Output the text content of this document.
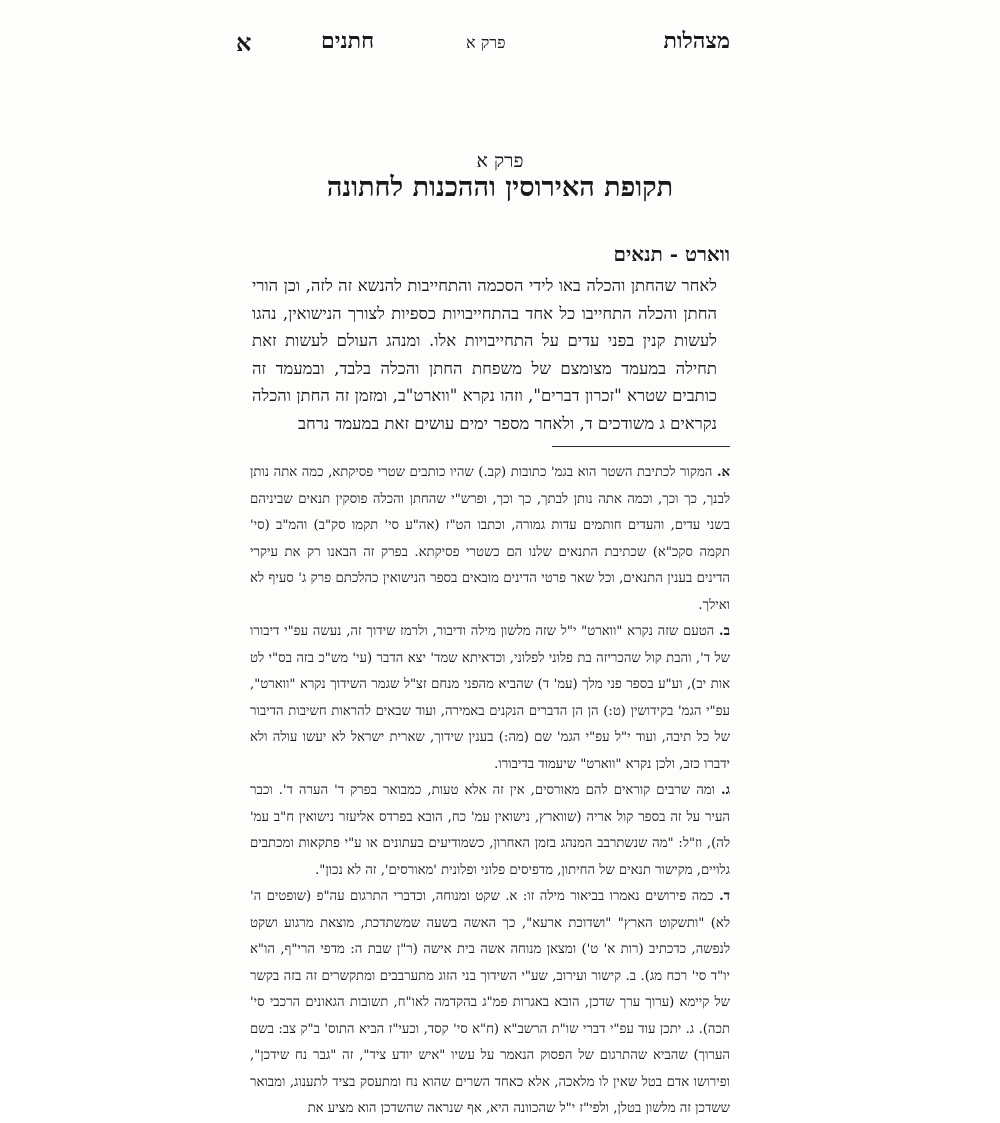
מצהלות
פרק א
חתנים
א
פרק א
תקופת האירוסין וההכנות לחתונה
ווארט - תנאים
לאחר שהחתן והכלה באו לידי הסכמה והתחייבות להנשא זה לזה, וכן הורי החתן והכלה התחייבו כל אחד בהתחייבויות כספיות לצורך הנישואין, נהגו לעשות קנין בפני עדים על התחייבויות אלו. ומנהג העולם לעשות זאת תחילה במעמד מצומצם של משפחת החתן והכלה בלבד, ובמעמד זה כותבים שטרא "זכרון דברים", וזהו נקרא "ווארט"ב, ומזמן זה החתן והכלה נקראים ג משודכים ד, ולאחר מספר ימים עושים זאת במעמד נרחב

א. המקור לכתיבת השטר הוא בגמ' כתובות (קב.) שהיו כותבים שטרי פסיקתא, כמה אתה נותן לבנך, כך וכך, וכמה אתה נותן לבתך, כך וכך, ופרש"י שהחתן והכלה פוסקין תנאים שביניהם בשני עדים, והעדים חותמים עדות גמורה, וכתבו הט"ז (אה"ע סי' תקמו סק"ב) והמ"ב (סי' תקמה סקכ"א) שכתיבת התנאים שלנו הם כשטרי פסיקתא. בפרק זה הבאנו רק את עיקרי הדינים בענין התנאים, וכל שאר פרטי הדינים מובאים בספר הנישואין כהלכתם פרק ג' סעיף לא ואילך.

ב. הטעם שזה נקרא "ווארט" י"ל שזה מלשון מילה ודיבור, ולרמז שידוך זה, נעשה עפ"י דיבורו של ד', והבת קול שהכריזה בת פלוני לפלוני, וכדאיתא שמד' יצא הדבר (עי' מש"כ בזה בס"י לט אות יב), וע"ע בספר פני מלך (עמ' ד) שהביא מהפני מנחם זצ"ל שגמר השידוך נקרא "ווארט", עפ"י הגמ' בקידושין (ט:) הן הן הדברים הנקנים באמירה, ועוד שבאים להראות חשיבות הדיבור של כל תיבה, ועוד י"ל עפ"י הגמ' שם (מה:) בענין שידוך, שארית ישראל לא יעשו עולה ולא ידברו כזב, ולכן נקרא "ווארט" שיעמוד בדיבורו.

ג. ומה שרבים קוראים להם מאורסים, אין זה אלא טעות, כמבואר בפרק ד' הערה ד'. וכבר העיר על זה בספר קול אריה (שווארץ, נישואין עמ' כח, הובא בפרדס אליעזר נישואין ח"ב עמ' לה), וז"ל: "מה שנשתרבב המנהג בזמן האחרון, כשמודיעים בעתונים או ע"י פתקאות ומכתבים גלויים, מקישור תנאים של החיתון, מדפיסים פלוני ופלונית 'מאורסים', זה לא נכון".

ד. כמה פירושים נאמרו בביאור מילה זו: א. שקט ומנוחה, וכדברי התרגום עה"פ (שופטים ה' לא) "ותשקוט הארץ" "ושדוכת ארעא", כך האשה בשעה שמשתדכת, מוצאת מרגוע ושקט לנפשה, כדכתיב (רות א' ט') ומצאן מנוחה אשה בית אישה (ר"ן שבת ה: מדפי הרי"ף, הו"א יו"ד סי' רכח מג). ב. קישור ועירוב, שע"י השידוך בני הזוג מתערבבים ומתקשרים זה בזה בקשר של קיימא (ערוך ערך שדכן, הובא באגרות פמ"ג בהקדמה לאו"ח, תשובות הגאונים הרכבי סי' תכה). ג. יתכן עוד עפ"י דברי שו"ת הרשב"א (ח"א סי' קסד, וכעי"ז הביא התוס' ב"ק צב: בשם הערוך) שהביא שהתרגום של הפסוק הנאמר על עשיו "איש יודע ציד", זה "גבר נח שידכן", ופירושו אדם בטל שאין לו מלאכה, אלא כאחד השרים שהוא נח ומתעסק בציד לתענוג, ומבואר ששדכן זה מלשון בטלן, ולפי"ז י"ל שהכוונה היא, אף שנראה שהשדכן הוא מציע את
